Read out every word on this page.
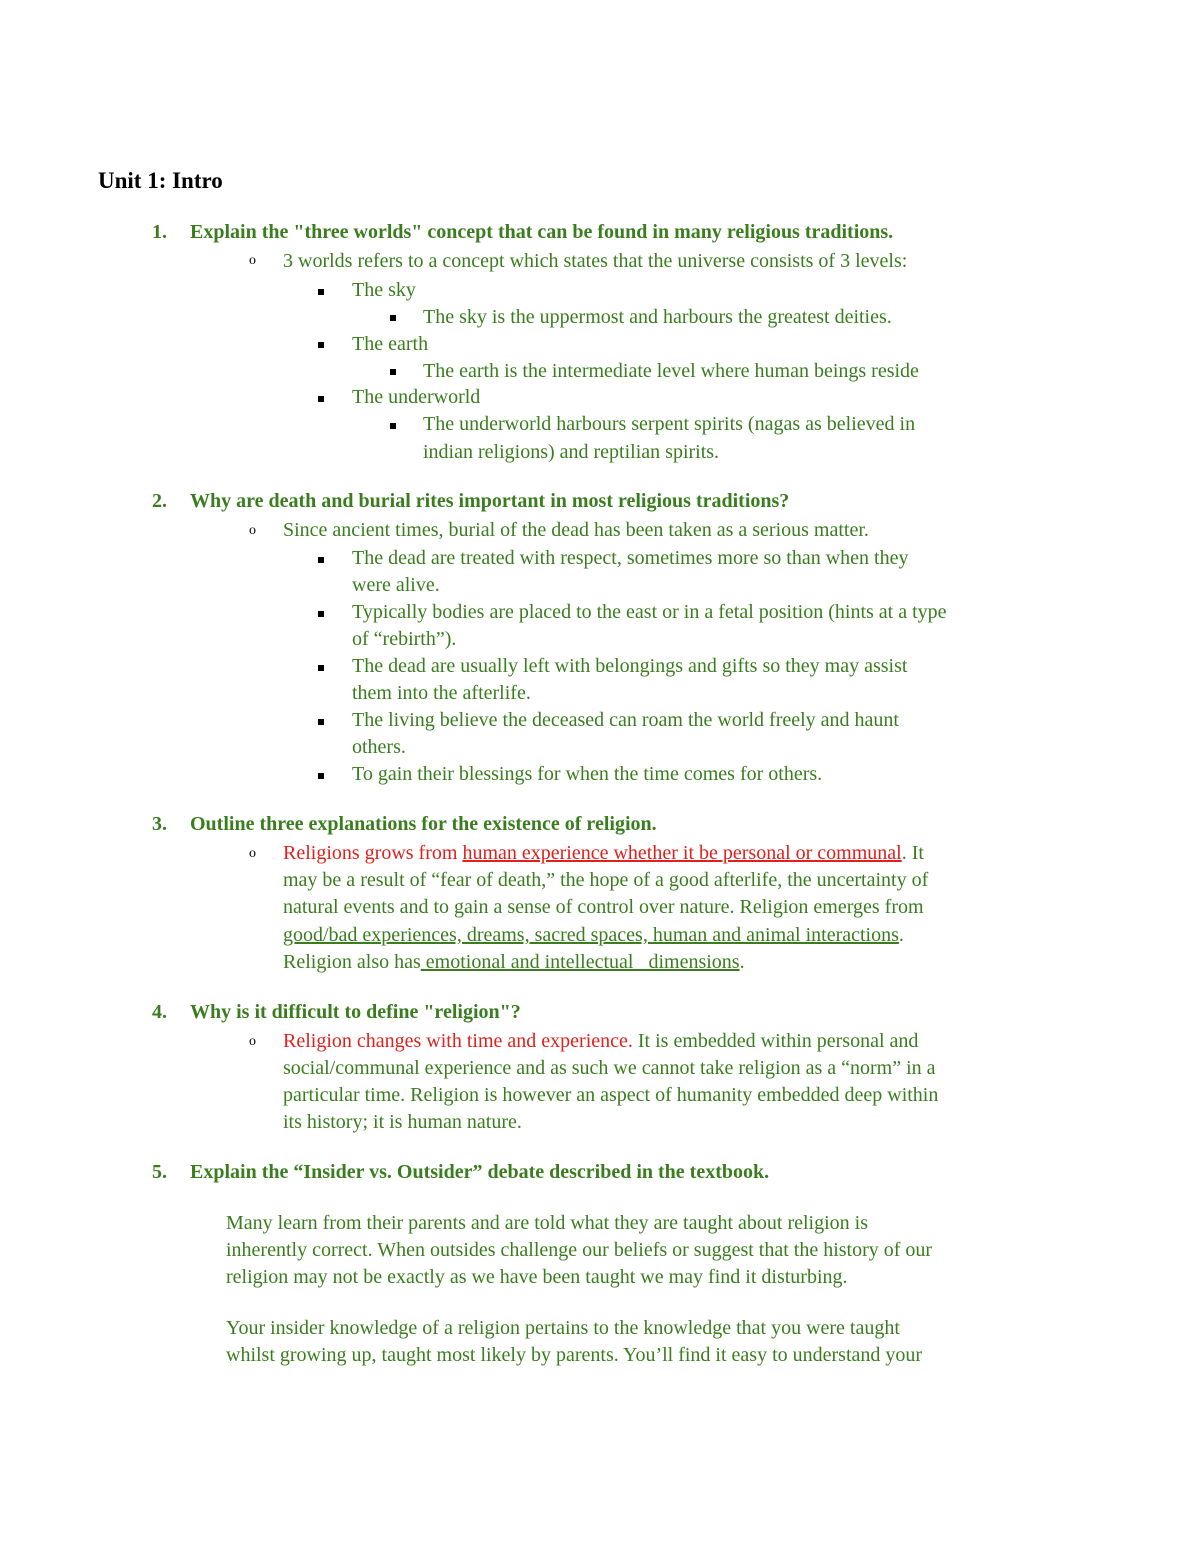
Unit 1: Intro
1. Explain the "three worlds" concept that can be found in many religious traditions.
o 3 worlds refers to a concept which states that the universe consists of 3 levels:
The sky
The sky is the uppermost and harbours the greatest deities.
The earth
The earth is the intermediate level where human beings reside
The underworld
The underworld harbours serpent spirits (nagas as believed in
indian religions) and reptilian spirits.
2. Why are death and burial rites important in most religious traditions?
o Since ancient times, burial of the dead has been taken as a serious matter.
The dead are treated with respect, sometimes more so than when they
were alive.
Typically bodies are placed to the east or in a fetal position (hints at a type
of “rebirth”).
The dead are usually left with belongings and gifts so they may assist
them into the afterlife.
The living believe the deceased can roam the world freely and haunt
others.
To gain their blessings for when the time comes for others.
3. Outline three explanations for the existence of religion.
o Religions grows from human experience whether it be personal or communal. It
may be a result of “fear of death,” the hope of a good afterlife, the uncertainty of
natural events and to gain a sense of control over nature. Religion emerges from
good/bad experiences, dreams, sacred spaces, human and animal interactions.
Religion also has emotional and intellectual   dimensions.
4. Why is it difficult to define "religion"?
o Religion changes with time and experience. It is embedded within personal and
social/communal experience and as such we cannot take religion as a “norm” in a
particular time. Religion is however an aspect of humanity embedded deep within
its history; it is human nature.
5. Explain the “Insider vs. Outsider” debate described in the textbook.
Many learn from their parents and are told what they are taught about religion is
inherently correct. When outsides challenge our beliefs or suggest that the history of our
religion may not be exactly as we have been taught we may find it disturbing.
Your insider knowledge of a religion pertains to the knowledge that you were taught
whilst growing up, taught most likely by parents. You’ll find it easy to understand your
